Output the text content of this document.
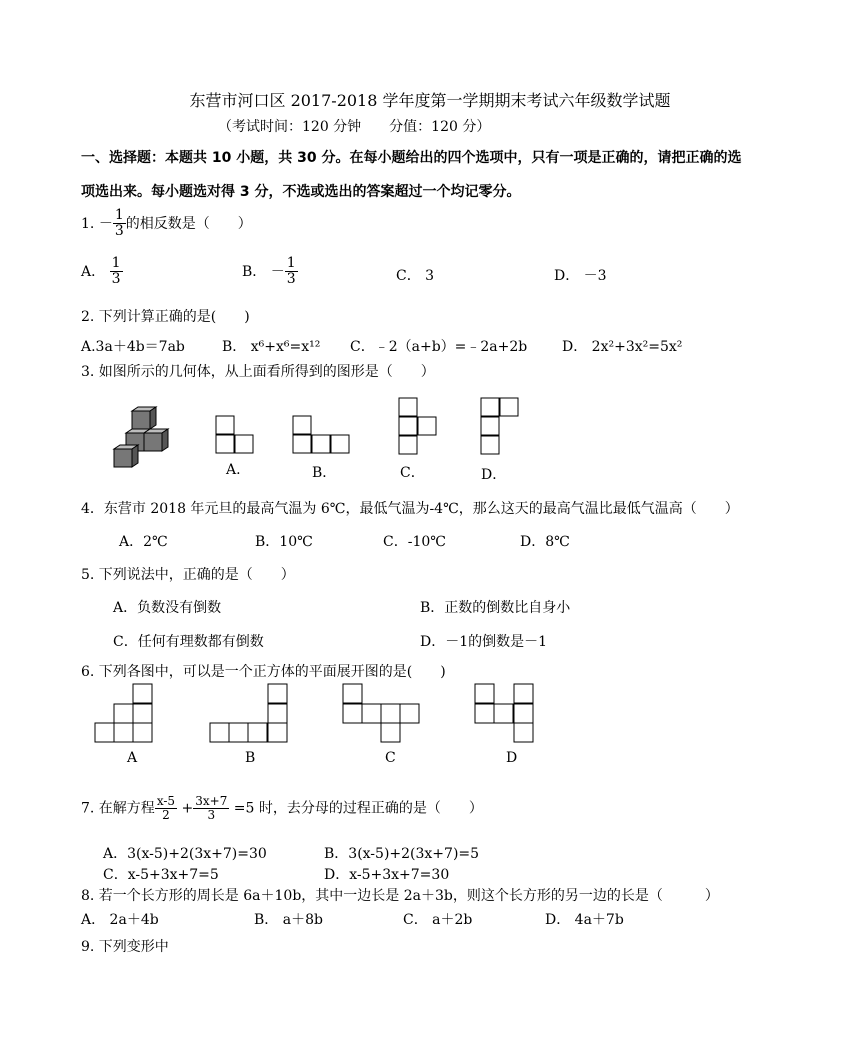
东营市河口区 2017-2018 学年度第一学期期末考试六年级数学试题
（考试时间：120 分钟　　分值：120 分）
一、选择题：本题共 10 小题，共 30 分。在每小题给出的四个选项中，只有一项是正确的，请把正确的选
项选出来。每小题选对得 3 分，不选或选出的答案超过一个均记零分。
1. － $\frac{1}{3}$ 的相反数是（　　）
A． $\frac{1}{3}$	B． － $\frac{1}{3}$	C． 3	D． －3
2. 下列计算正确的是(　　)
A.3a＋4b＝7ab	B． x⁶+x⁶=x¹² C．﹣2（a+b）=﹣2a+2b D． 2x²+3x²=5x²
3. 如图所示的几何体，从上面看所得到的图形是（　　）
A.	B．	C．	D．
4．东营市 2018 年元旦的最高气温为 6℃，最低气温为-4℃，那么这天的最高气温比最低气温高（　　）
A．2℃	B．10℃	C．-10℃	D．8℃
5. 下列说法中，正确的是（　　）
A．负数没有倒数	B．正数的倒数比自身小
C．任何有理数都有倒数	D．－1的倒数是－1
6. 下列各图中，可以是一个正方体的平面展开图的是(　　)
A	B	C	D
7. 在解方程 $\frac{x-5}{2} + \frac{3x+7}{3} =5$ 时，去分母的过程正确的是（　　）
A．3(x-5)+2(3x+7)=30	B．3(x-5)+2(3x+7)=5
C．x-5+3x+7=5	D．x-5+3x+7=30
8. 若一个长方形的周长是 6a＋10b，其中一边长是 2a＋3b，则这个长方形的另一边的长是（　　　）
A． 2a＋4b	B． a＋8b	C． a＋2b	D． 4a＋7b
9. 下列变形中
